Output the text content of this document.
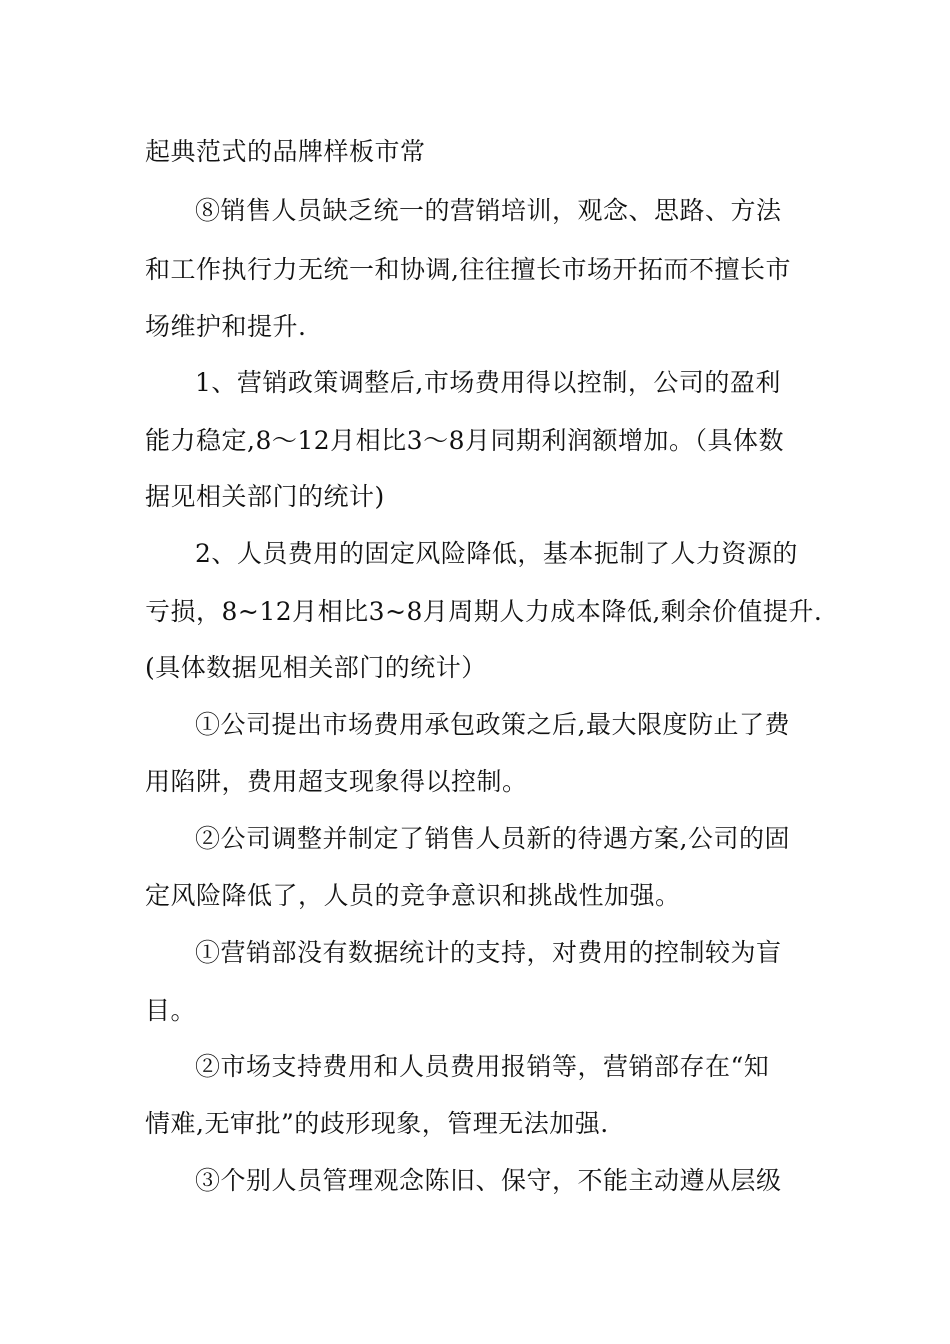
起典范式的品牌样板市常
⑧销售人员缺乏统一的营销培训，观念、思路、方法
和工作执行力无统一和协调,往往擅长市场开拓而不擅长市
场维护和提升.
1、营销政策调整后,市场费用得以控制，公司的盈利
能力稳定,8～12月相比3～8月同期利润额增加。（具体数
据见相关部门的统计)
2、人员费用的固定风险降低，基本扼制了人力资源的
亏损，8~12月相比3~8月周期人力成本降低,剩余价值提升.
(具体数据见相关部门的统计）
①公司提出市场费用承包政策之后,最大限度防止了费
用陷阱，费用超支现象得以控制。
②公司调整并制定了销售人员新的待遇方案,公司的固
定风险降低了，人员的竞争意识和挑战性加强。
①营销部没有数据统计的支持，对费用的控制较为盲
目。
②市场支持费用和人员费用报销等，营销部存在“知
情难,无审批”的歧形现象，管理无法加强.
③个别人员管理观念陈旧、保守，不能主动遵从层级
